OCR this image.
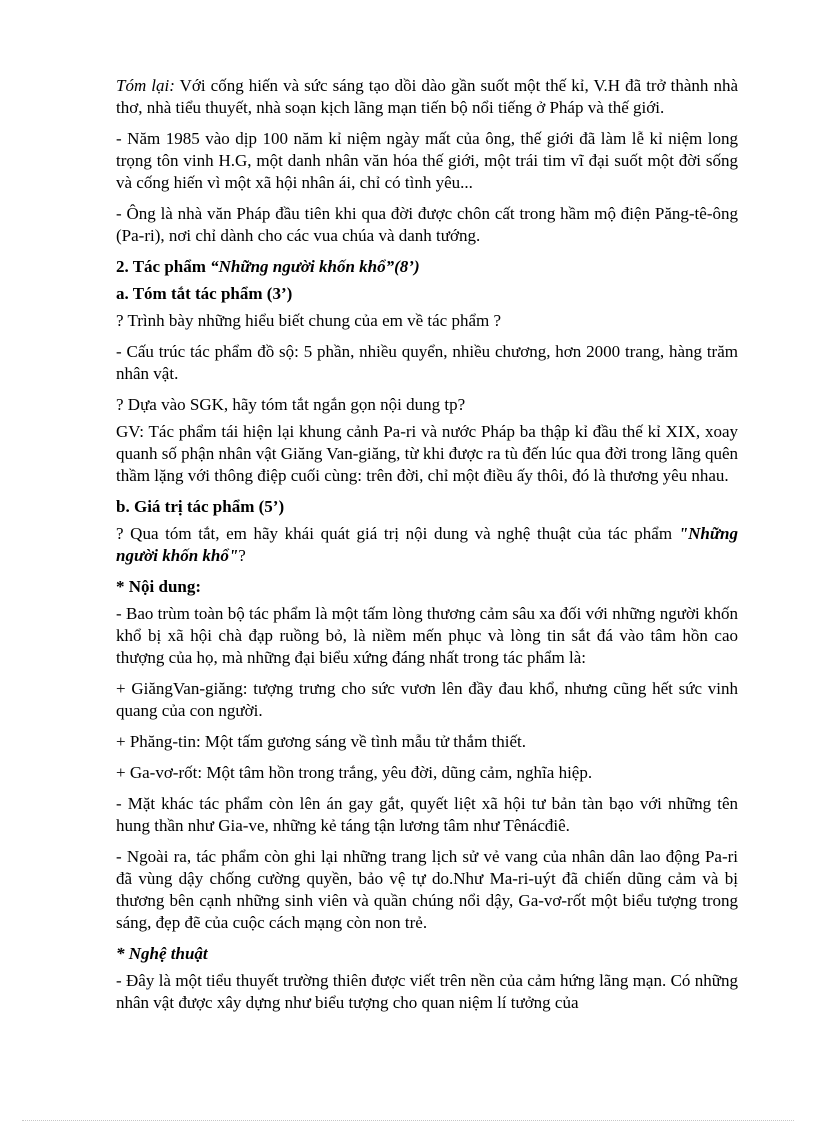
Tóm lại: Với cống hiến và sức sáng tạo dồi dào gần suốt một thế kỉ, V.H đã trở thành nhà thơ, nhà tiểu thuyết, nhà soạn kịch lãng mạn tiến bộ nổi tiếng ở Pháp và thế giới.

- Năm 1985 vào dịp 100 năm kỉ niệm ngày mất của ông, thế giới đã làm lễ kỉ niệm long trọng tôn vinh H.G, một danh nhân văn hóa thế giới, một trái tim vĩ đại suốt một đời sống và cống hiến vì một xã hội nhân ái, chỉ có tình yêu...

- Ông là nhà văn Pháp đầu tiên khi qua đời được chôn cất trong hầm mộ điện Păng-tê-ông (Pa-ri), nơi chỉ dành cho các vua chúa và danh tướng.

2. Tác phẩm “Những người khốn khổ”(8’)

a. Tóm tắt tác phẩm (3’)

? Trình bày những hiểu biết chung của em về tác phẩm ?

- Cấu trúc tác phẩm đồ sộ: 5 phần, nhiều quyển, nhiều chương, hơn 2000 trang, hàng trăm nhân vật.

? Dựa vào SGK, hãy tóm tắt ngắn gọn nội dung tp?

GV: Tác phẩm tái hiện lại khung cảnh Pa-ri và nước Pháp ba thập kỉ đầu thế kỉ XIX, xoay quanh số phận nhân vật Giăng Van-giăng, từ khi được ra tù đến lúc qua đời trong lãng quên thầm lặng với thông điệp cuối cùng: trên đời, chỉ một điều ấy thôi, đó là thương yêu nhau.

b. Giá trị tác phẩm (5’)

? Qua tóm tắt, em hãy khái quát giá trị nội dung và nghệ thuật của tác phẩm "Những người khốn khổ"?

* Nội dung:

- Bao trùm toàn bộ tác phẩm là một tấm lòng thương cảm sâu xa đối với những người khốn khổ bị xã hội chà đạp ruồng bỏ, là niềm mến phục và lòng tin sắt đá vào tâm hồn cao thượng của họ, mà những đại biểu xứng đáng nhất trong tác phẩm là:

+ GiăngVan-giăng: tượng trưng cho sức vươn lên đầy đau khổ, nhưng cũng hết sức vinh quang của con người.

+ Phăng-tin: Một tấm gương sáng về tình mẫu tử thắm thiết.

+ Ga-vơ-rốt: Một tâm hồn trong trắng, yêu đời, dũng cảm, nghĩa hiệp.

- Mặt khác tác phẩm còn lên án gay gắt, quyết liệt xã hội tư bản tàn bạo với những tên hung thần như Gia-ve, những kẻ táng tận lương tâm như Tênácđiê.

- Ngoài ra, tác phẩm còn ghi lại những trang lịch sử vẻ vang của nhân dân lao động Pa-ri đã vùng dậy chống cường quyền, bảo vệ tự do.Như Ma-ri-uýt đã chiến dũng cảm và bị thương bên cạnh những sinh viên và quần chúng nổi dậy, Ga-vơ-rốt một biểu tượng trong sáng, đẹp đẽ của cuộc cách mạng còn non trẻ.

* Nghệ thuật

- Đây là một tiểu thuyết trường thiên được viết trên nền của cảm hứng lãng mạn. Có những nhân vật được xây dựng như biểu tượng cho quan niệm lí tưởng của
